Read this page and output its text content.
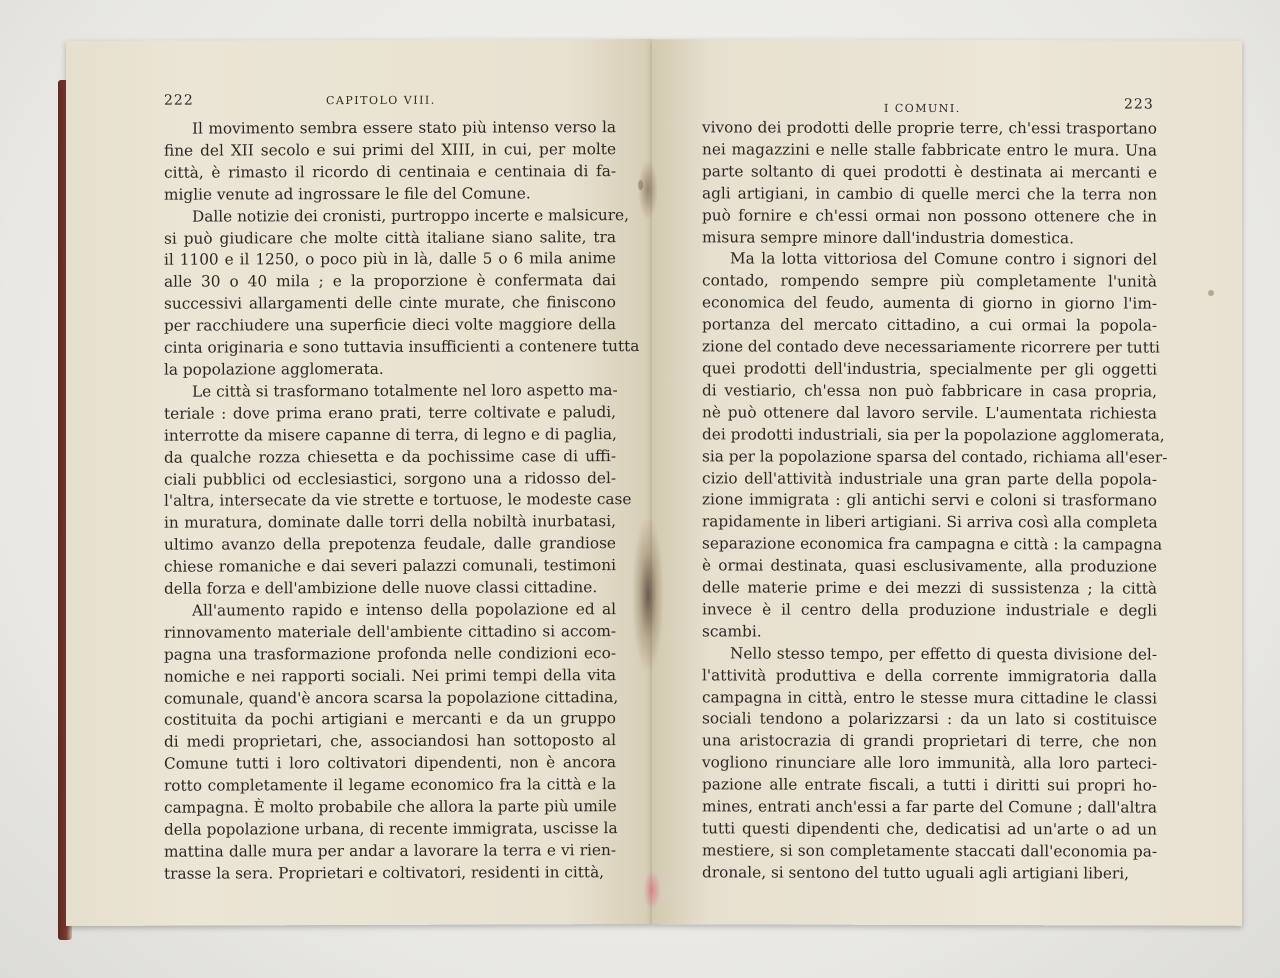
222	CAPITOLO VIII.
Il movimento sembra essere stato più intenso verso la
fine del XII secolo e sui primi del XIII, in cui, per molte
città, è rimasto il ricordo di centinaia e centinaia di fa-
miglie venute ad ingrossare le file del Comune.
Dalle notizie dei cronisti, purtroppo incerte e malsicure,
si può giudicare che molte città italiane siano salite, tra
il 1100 e il 1250, o poco più in là, dalle 5 o 6 mila anime
alle 30 o 40 mila ; e la proporzione è confermata dai
successivi allargamenti delle cinte murate, che finiscono
per racchiudere una superficie dieci volte maggiore della
cinta originaria e sono tuttavia insufficienti a contenere tutta
la popolazione agglomerata.
Le città si trasformano totalmente nel loro aspetto ma-
teriale : dove prima erano prati, terre coltivate e paludi,
interrotte da misere capanne di terra, di legno e di paglia,
da qualche rozza chiesetta e da pochissime case di uffi-
ciali pubblici od ecclesiastici, sorgono una a ridosso del-
l'altra, intersecate da vie strette e tortuose, le modeste case
in muratura, dominate dalle torri della nobiltà inurbatasi,
ultimo avanzo della prepotenza feudale, dalle grandiose
chiese romaniche e dai severi palazzi comunali, testimoni
della forza e dell'ambizione delle nuove classi cittadine.
All'aumento rapido e intenso della popolazione ed al
rinnovamento materiale dell'ambiente cittadino si accom-
pagna una trasformazione profonda nelle condizioni eco-
nomiche e nei rapporti sociali. Nei primi tempi della vita
comunale, quand'è ancora scarsa la popolazione cittadina,
costituita da pochi artigiani e mercanti e da un gruppo
di medi proprietari, che, associandosi han sottoposto al
Comune tutti i loro coltivatori dipendenti, non è ancora
rotto completamente il legame economico fra la città e la
campagna. È molto probabile che allora la parte più umile
della popolazione urbana, di recente immigrata, uscisse la
mattina dalle mura per andar a lavorare la terra e vi rien-
trasse la sera. Proprietari e coltivatori, residenti in città,
I COMUNI.	223
vivono dei prodotti delle proprie terre, ch'essi trasportano
nei magazzini e nelle stalle fabbricate entro le mura. Una
parte soltanto di quei prodotti è destinata ai mercanti e
agli artigiani, in cambio di quelle merci che la terra non
può fornire e ch'essi ormai non possono ottenere che in
misura sempre minore dall'industria domestica.
Ma la lotta vittoriosa del Comune contro i signori del
contado, rompendo sempre più completamente l'unità
economica del feudo, aumenta di giorno in giorno l'im-
portanza del mercato cittadino, a cui ormai la popola-
zione del contado deve necessariamente ricorrere per tutti
quei prodotti dell'industria, specialmente per gli oggetti
di vestiario, ch'essa non può fabbricare in casa propria,
nè può ottenere dal lavoro servile. L'aumentata richiesta
dei prodotti industriali, sia per la popolazione agglomerata,
sia per la popolazione sparsa del contado, richiama all'eser-
cizio dell'attività industriale una gran parte della popola-
zione immigrata : gli antichi servi e coloni si trasformano
rapidamente in liberi artigiani. Si arriva così alla completa
separazione economica fra campagna e città : la campagna
è ormai destinata, quasi esclusivamente, alla produzione
delle materie prime e dei mezzi di sussistenza ; la città
invece è il centro della produzione industriale e degli
scambi.
Nello stesso tempo, per effetto di questa divisione del-
l'attività produttiva e della corrente immigratoria dalla
campagna in città, entro le stesse mura cittadine le classi
sociali tendono a polarizzarsi : da un lato si costituisce
una aristocrazia di grandi proprietari di terre, che non
vogliono rinunciare alle loro immunità, alla loro parteci-
pazione alle entrate fiscali, a tutti i diritti sui propri ho-
mines, entrati anch'essi a far parte del Comune ; dall'altra
tutti questi dipendenti che, dedicatisi ad un'arte o ad un
mestiere, si son completamente staccati dall'economia pa-
dronale, si sentono del tutto uguali agli artigiani liberi,
